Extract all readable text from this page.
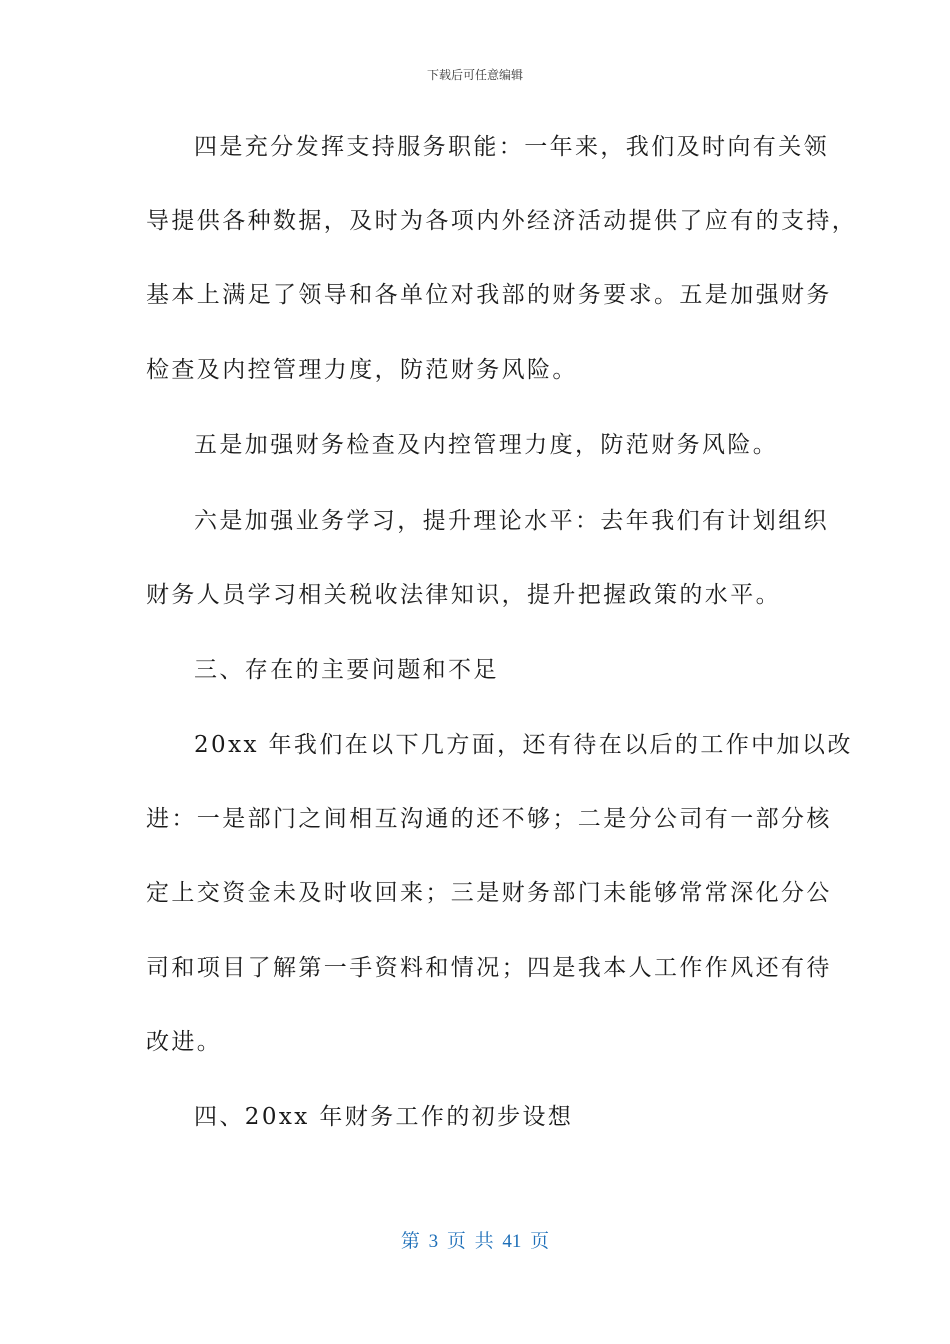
下载后可任意编辑
四是充分发挥支持服务职能：一年来，我们及时向有关领
导提供各种数据，及时为各项内外经济活动提供了应有的支持，
基本上满足了领导和各单位对我部的财务要求。五是加强财务
检查及内控管理力度，防范财务风险。
五是加强财务检查及内控管理力度，防范财务风险。
六是加强业务学习，提升理论水平：去年我们有计划组织
财务人员学习相关税收法律知识，提升把握政策的水平。
三、存在的主要问题和不足
20xx 年我们在以下几方面，还有待在以后的工作中加以改
进：一是部门之间相互沟通的还不够；二是分公司有一部分核
定上交资金未及时收回来；三是财务部门未能够常常深化分公
司和项目了解第一手资料和情况；四是我本人工作作风还有待
改进。
四、20xx 年财务工作的初步设想
第 3 页 共 41 页
